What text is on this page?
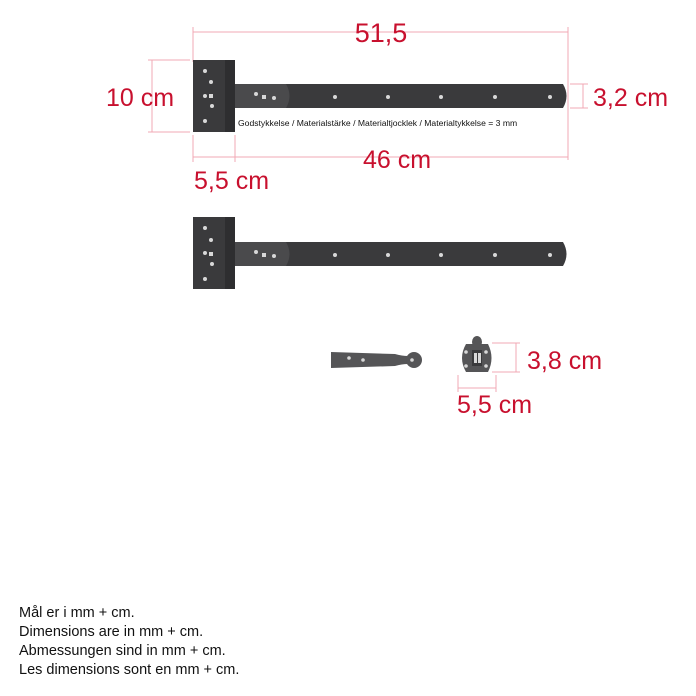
51,5
10 cm	3,2 cm
46 cm
5,5 cm
3,8 cm
5,5 cm
Godstykkelse / Materialstärke / Materialtjocklek / Materialtykkelse = 3 mm
Mål er i mm + cm.
Dimensions are in mm + cm.
Abmessungen sind in mm + cm.
Les dimensions sont en mm + cm.
